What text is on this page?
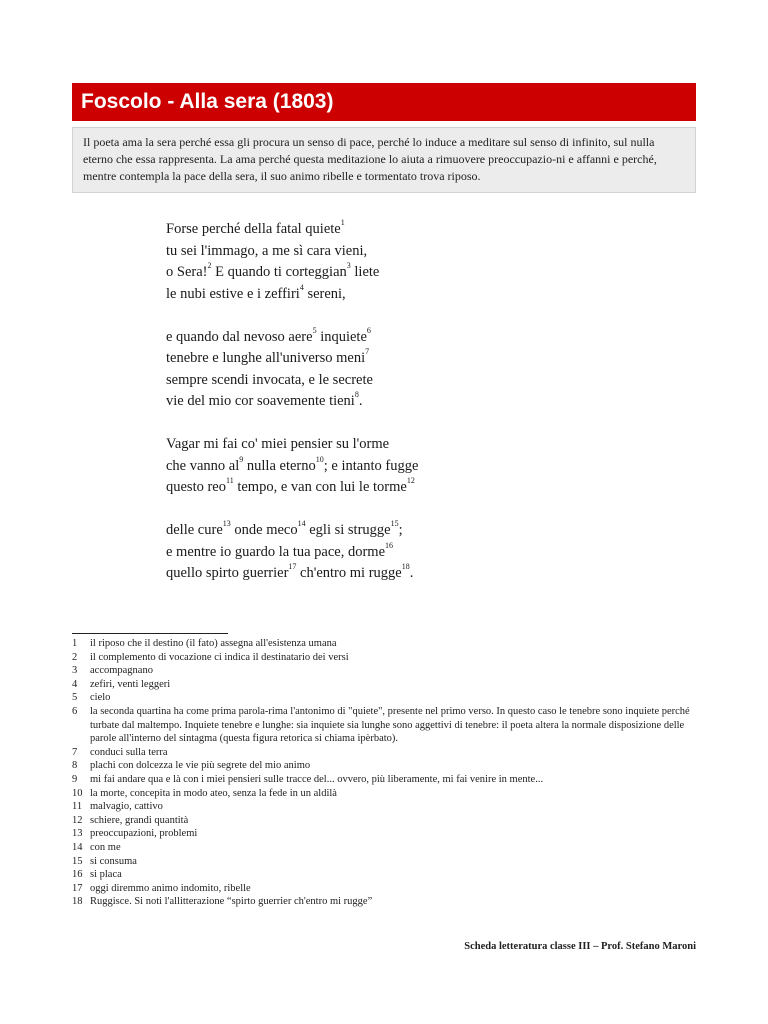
Foscolo - Alla sera (1803)
Il poeta ama la sera perché essa gli procura un senso di pace, perché lo induce a meditare sul senso di infinito, sul nulla eterno che essa rappresenta. La ama perché questa meditazione lo aiuta a rimuovere preoccupazio-ni e affanni e perché, mentre contempla la pace della sera, il suo animo ribelle e tormentato trova riposo.
Forse perché della fatal quiete$^1$
tu sei l'immago, a me sì cara vieni,
o Sera!$^2$ E quando ti corteggian$^3$ liete
le nubi estive e i zeffiri$^4$ sereni,
e quando dal nevoso aere$^5$ inquiete$^6$
tenebre e lunghe all'universo meni$^7$
sempre scendi invocata, e le secrete
vie del mio cor soavemente tieni$^8$.
Vagar mi fai co' miei pensier su l'orme
che vanno $al^9$ nulla eterno$^{10}$; e intanto fugge
questo reo$^{11}$ tempo, e van con lui le torme$^{12}$
delle cure$^{13}$ onde meco$^{14}$ egli si strugge$^{15}$;
e mentre io guardo la tua pace, dorme$^{16}$
quello spirto guerrier$^{17}$ ch'entro mi rugge$^{18}$.
1	il riposo che il destino (il fato) assegna all'esistenza umana
2	il complemento di vocazione ci indica il destinatario dei versi
3	accompagnano
4	zefiri, venti leggeri
5	cielo
6	la seconda quartina ha come prima parola-rima l'antonimo di "quiete", presente nel primo verso. In questo caso le tenebre sono inquiete perché turbate dal maltempo. Inquiete tenebre e lunghe: sia inquiete sia lunghe sono aggettivi di tenebre: il poeta altera la normale disposizione delle parole all'interno del sintagma (questa figura retorica si chiama ipèrbato).
7	conduci sulla terra
8	plachi con dolcezza le vie più segrete del mio animo
9	mi fai andare qua e là con i miei pensieri sulle tracce del... ovvero, più liberamente, mi fai venire in mente...
10 la morte, concepita in modo ateo, senza la fede in un aldilà
11 malvagio, cattivo
12 schiere, grandi quantità
13 preoccupazioni, problemi
14 con me
15 si consuma
16 si placa
17 oggi diremmo animo indomito, ribelle
18 Ruggisce. Si noti l'allitterazione “spirto guerrier ch'entro mi rugge”
Scheda letteratura classe III – Prof. Stefano Maroni
